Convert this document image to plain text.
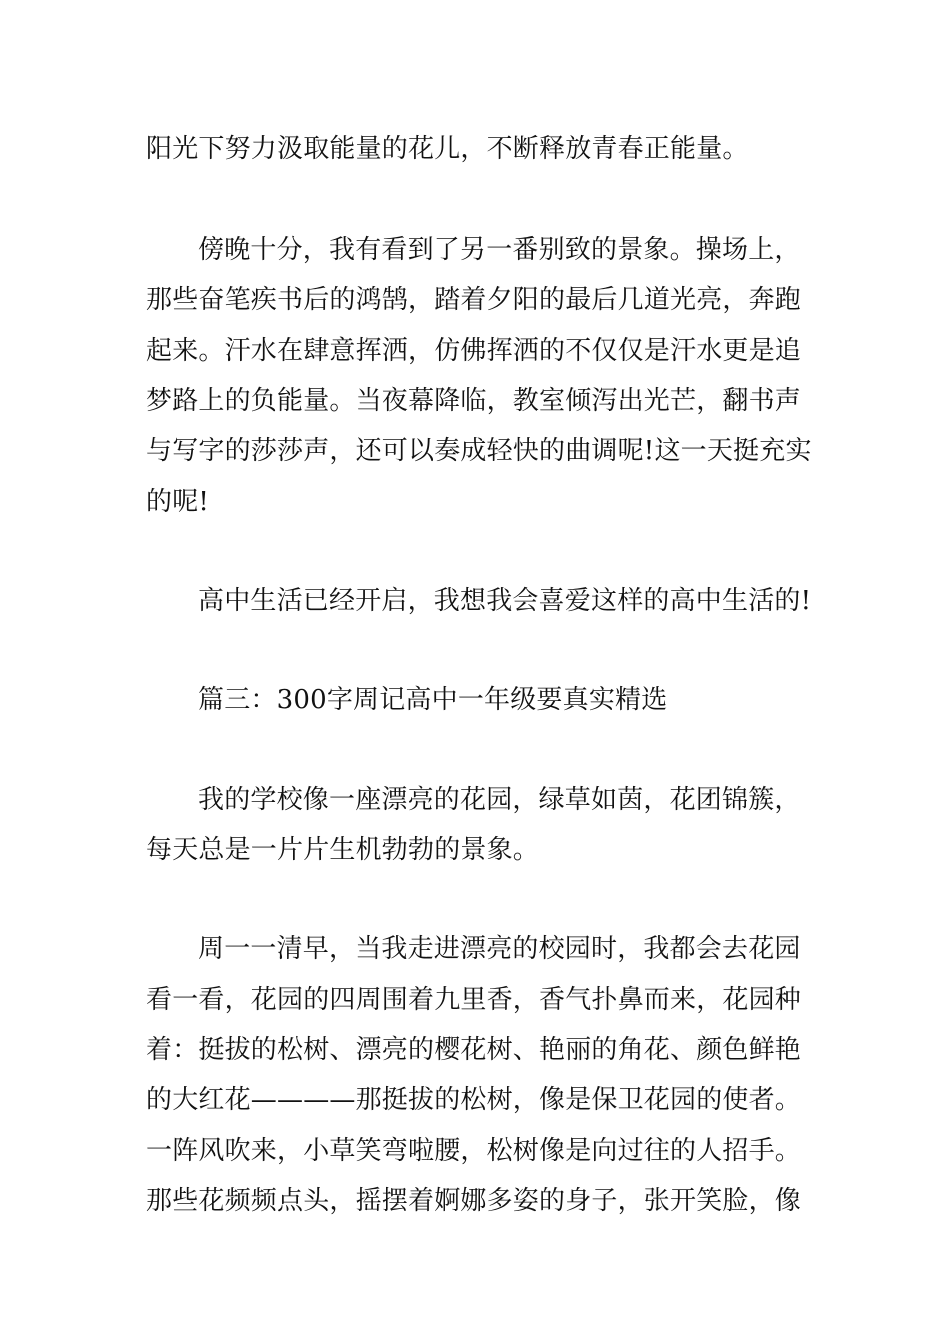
阳光下努力汲取能量的花儿，不断释放青春正能量。
傍晚十分，我有看到了另一番别致的景象。操场上，
那些奋笔疾书后的鸿鹄，踏着夕阳的最后几道光亮，奔跑
起来。汗水在肆意挥洒，仿佛挥洒的不仅仅是汗水更是追
梦路上的负能量。当夜幕降临，教室倾泻出光芒，翻书声
与写字的莎莎声，还可以奏成轻快的曲调呢!这一天挺充实
的呢!
高中生活已经开启，我想我会喜爱这样的高中生活的!
篇三：300字周记高中一年级要真实精选
我的学校像一座漂亮的花园，绿草如茵，花团锦簇，
每天总是一片片生机勃勃的景象。
周一一清早，当我走进漂亮的校园时，我都会去花园
看一看，花园的四周围着九里香，香气扑鼻而来，花园种
着：挺拔的松树、漂亮的樱花树、艳丽的角花、颜色鲜艳
的大红花————那挺拔的松树，像是保卫花园的使者。
一阵风吹来，小草笑弯啦腰，松树像是向过往的人招手。
那些花频频点头，摇摆着婀娜多姿的身子，张开笑脸，像
